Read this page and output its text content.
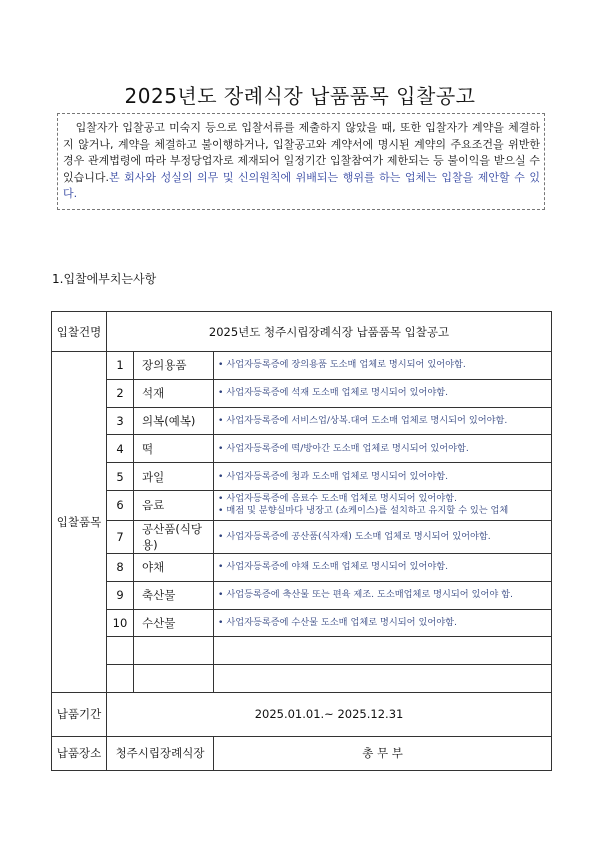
2025년도 장례식장 납품품목 입찰공고
입찰자가 입찰공고 미숙지 등으로 입찰서류를 제출하지 않았을 때, 또한 입찰자가 계약을 체결하지 않거나, 계약을 체결하고 불이행하거나, 입찰공고와 계약서에 명시된 계약의 주요조건을 위반한 경우 관계법령에 따라 부정당업자로 제재되어 일정기간 입찰참여가 제한되는 등 불이익을 받으실 수 있습니다.본 회사와 성실의 의무 및 신의원칙에 위배되는 행위를 하는 업체는 입찰을 제안할 수 있다.
1.입찰에부치는사항
입찰건명	2025년도 청주시립장례식장 납품품목 입찰공고		
입찰품목	1	장의용품	• 사업자등록증에 장의용품 도소매 업체로 명시되어 있어야함.

	2	석재	• 사업자등록증에 석재 도소매 업체로 명시되어 있어야함.

	3	의복(예복)	• 사업자등록증에 서비스업/상복.대여 도소매 업체로 명시되어 있어야함.

	4	떡	• 사업자등록증에 떡/방아간 도소매 업체로 명시되어 있어야함.

	5	과일	• 사업자등록증에 청과 도소매 업체로 명시되어 있어야함.

	6	음료	• 사업자등록증에 음료수 도소매 업체로 명시되어 있어야함.
• 매점 및 분향실마다 냉장고 (쇼케이스)를 설치하고 유지할 수 있는 업체

	7	공산품(식당용)	• 사업자등록증에 공산품(식자재) 도소매 업체로 명시되어 있어야함.

	8	야채	• 사업자등록증에 야채 도소매 업체로 명시되어 있어야함.

	9	축산물	• 사업등록증에 축산물 또는 편육 제조. 도소매업체로 명시되어 있어야 함.

	10	수산물	• 사업자등록증에 수산물 도소매 업체로 명시되어 있어야함.

납품기간	2025.01.01.~ 2025.12.31		
납품장소	청주시립장례식장		총 무 부
